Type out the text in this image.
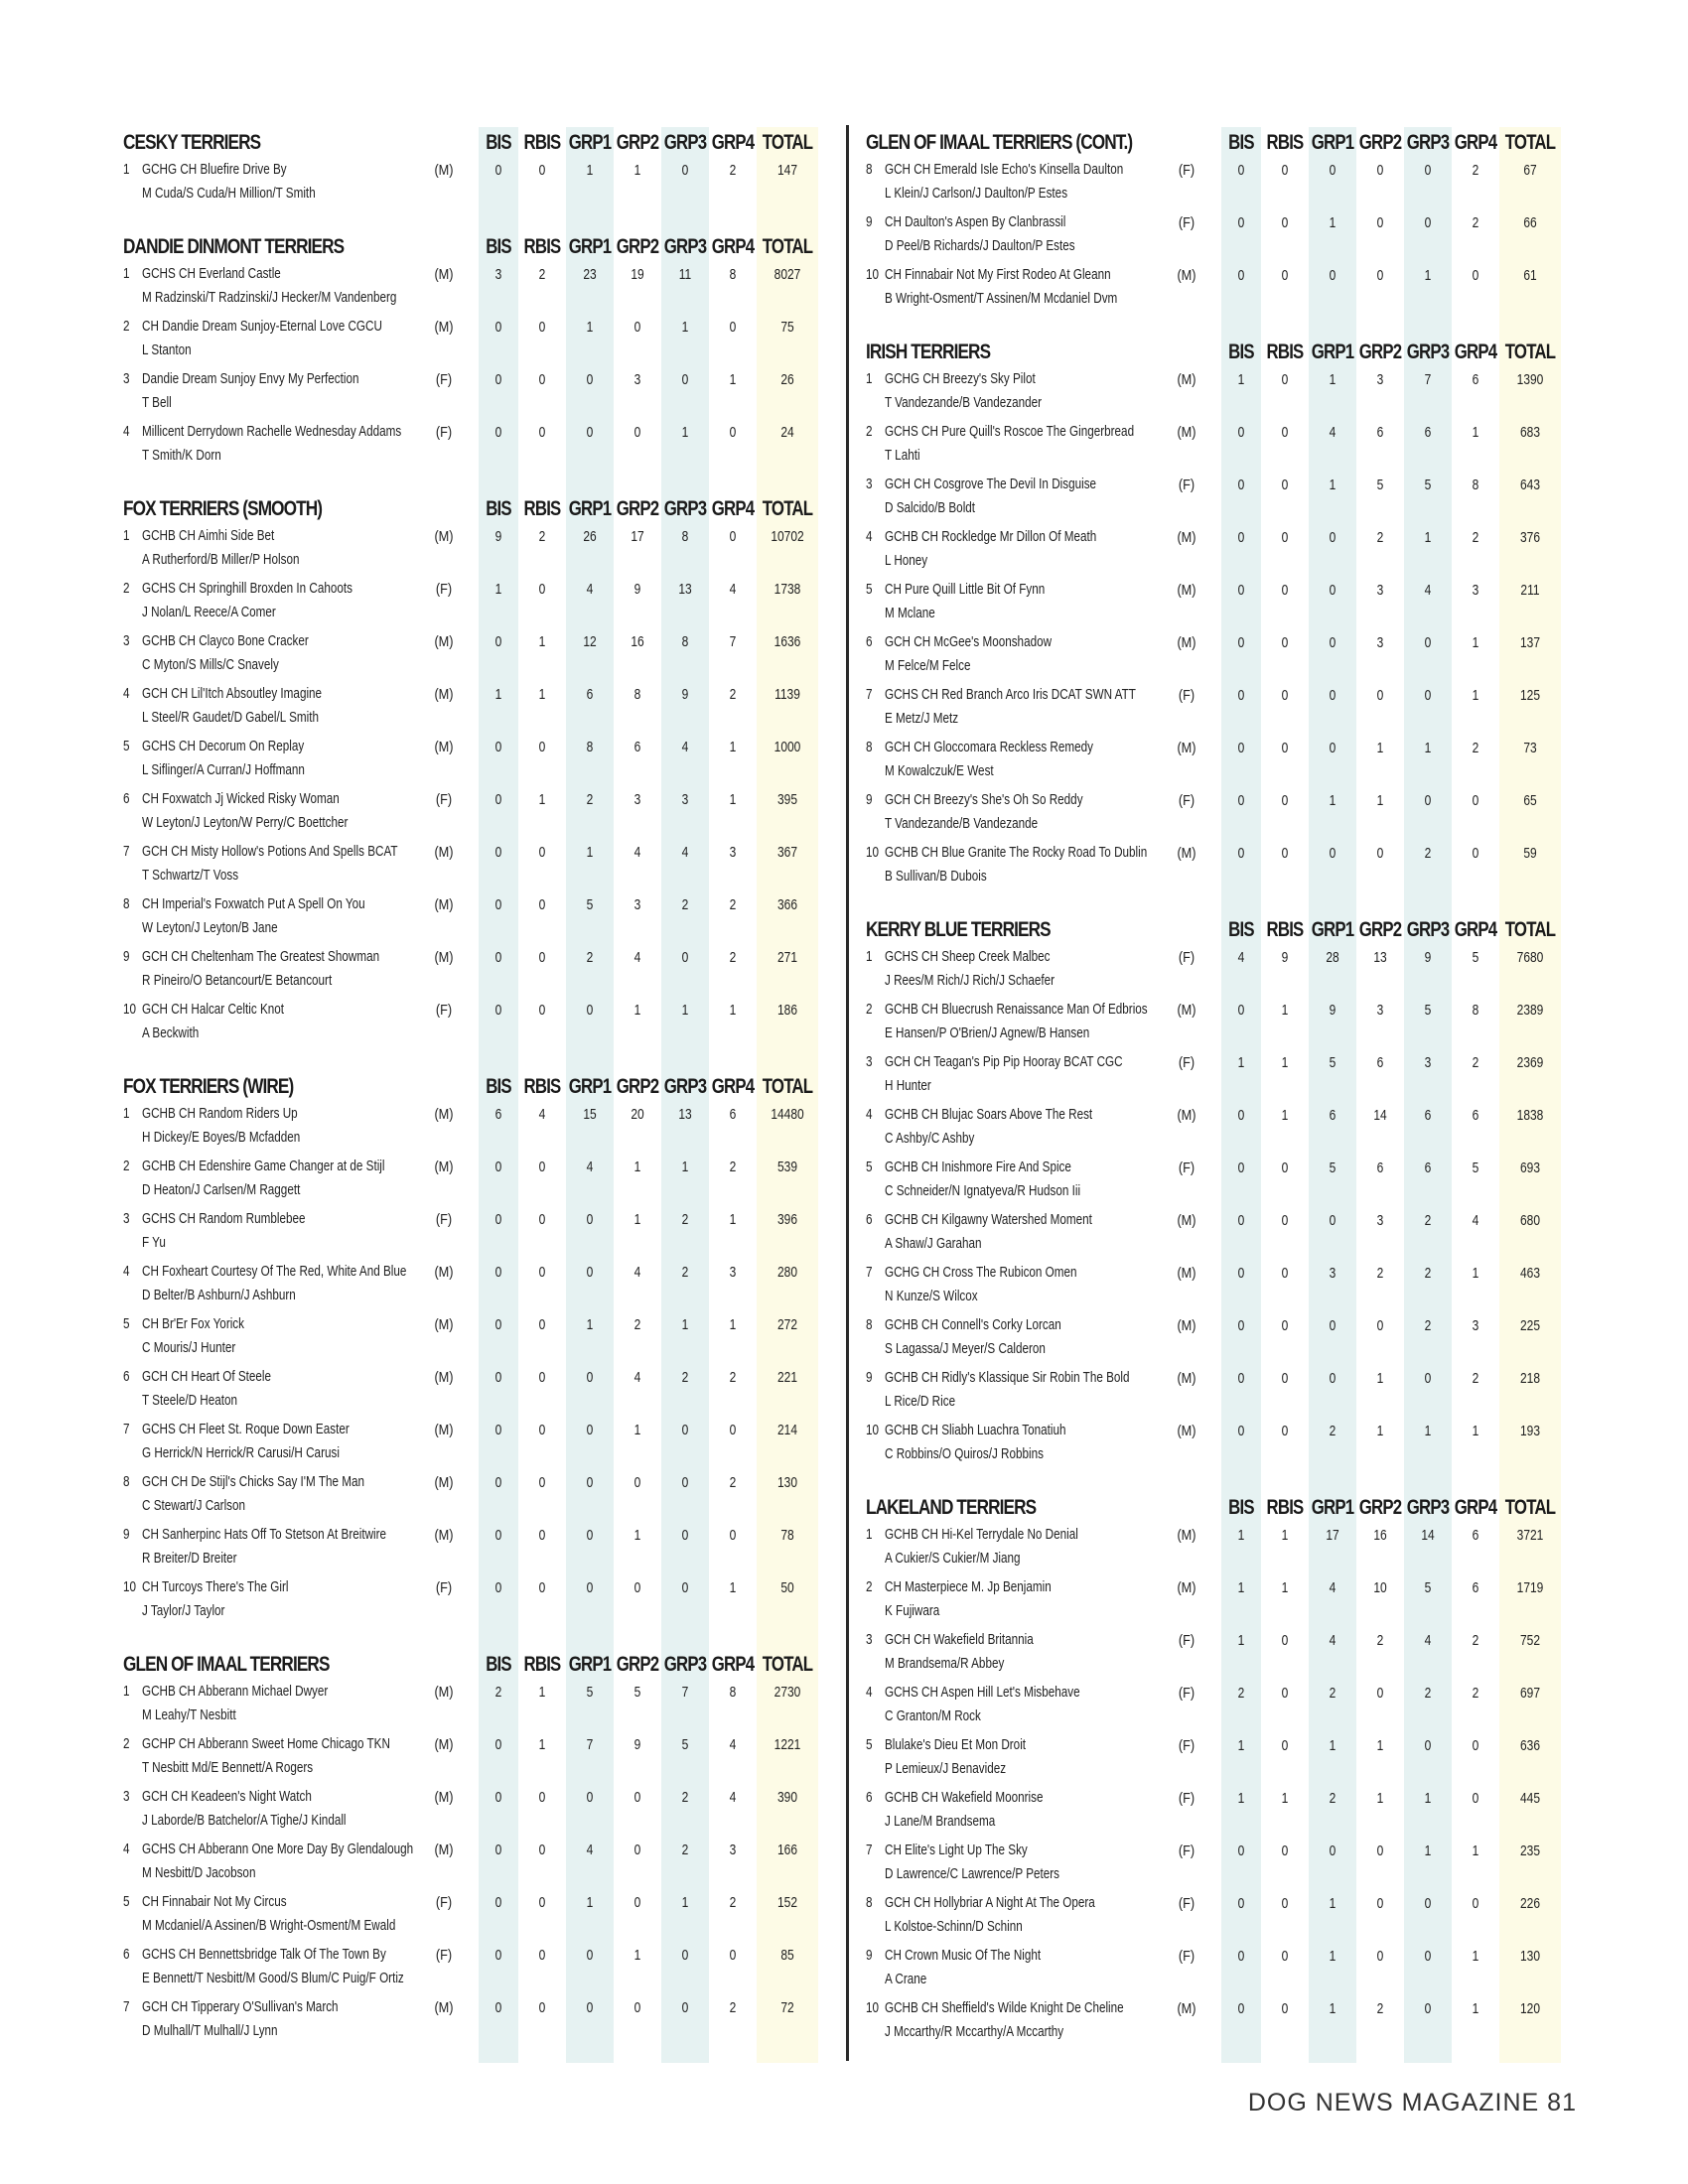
CESKY TERRIERS	BIS RBIS GRP1 GRP2 GRP3 GRP4 TOTAL
1 GCHG CH Bluefire Drive By
M Cuda/S Cuda/H Million/T Smith
(M)	0	0	1	1	0	2	147
DANDIE DINMONT TERRIERS	BIS RBIS GRP1 GRP2 GRP3 GRP4 TOTAL
1 GCHS CH Everland Castle
M Radzinski/T Radzinski/J Hecker/M Vandenberg
(M)	3	2	23	19	11	8	8027
2 CH Dandie Dream Sunjoy-Eternal Love CGCU
L Stanton
(M)	0	0	1	0	1	0	75
3 Dandie Dream Sunjoy Envy My Perfection
T Bell
(F)	0	0	0	3	0	1	26
4 Millicent Derrydown Rachelle Wednesday Addams
T Smith/K Dorn
(F)	0	0	0	0	1	0	24
FOX TERRIERS (SMOOTH)	BIS RBIS GRP1 GRP2 GRP3 GRP4 TOTAL
1 GCHB CH Aimhi Side Bet
A Rutherford/B Miller/P Holson
(M)	9	2	26	17	8	0	10702
2 GCHS CH Springhill Broxden In Cahoots
J Nolan/L Reece/A Comer
(F)	1	0	4	9	13	4	1738
3 GCHB CH Clayco Bone Cracker
C Myton/S Mills/C Snavely
(M)	0	1	12	16	8	7	1636
4 GCH CH Lil'Itch Absoutley Imagine
L Steel/R Gaudet/D Gabel/L Smith
(M)	1	1	6	8	9	2	1139
5 GCHS CH Decorum On Replay
L Siflinger/A Curran/J Hoffmann
(M)	0	0	8	6	4	1	1000
6 CH Foxwatch Jj Wicked Risky Woman
W Leyton/J Leyton/W Perry/C Boettcher
(F)	0	1	2	3	3	1	395
7 GCH CH Misty Hollow's Potions And Spells BCAT
T Schwartz/T Voss
(M)	0	0	1	4	4	3	367
8 CH Imperial's Foxwatch Put A Spell On You
W Leyton/J Leyton/B Jane
(M)	0	0	5	3	2	2	366
9 GCH CH Cheltenham The Greatest Showman
R Pineiro/O Betancourt/E Betancourt
(M)	0	0	2	4	0	2	271
10 GCH CH Halcar Celtic Knot
A Beckwith
(F)	0	0	0	1	1	1	186
FOX TERRIERS (WIRE)	BIS RBIS GRP1 GRP2 GRP3 GRP4 TOTAL
1 GCHB CH Random Riders Up
H Dickey/E Boyes/B Mcfadden
(M)	6	4	15	20	13	6	14480
2 GCHB CH Edenshire Game Changer at de Stijl
D Heaton/J Carlsen/M Raggett
(M)	0	0	4	1	1	2	539
3 GCHS CH Random Rumblebee
F Yu
(F)	0	0	0	1	2	1	396
4 CH Foxheart Courtesy Of The Red, White And Blue
D Belter/B Ashburn/J Ashburn
(M)	0	0	0	4	2	3	280
5 CH Br'Er Fox Yorick
C Mouris/J Hunter
(M)	0	0	1	2	1	1	272
6 GCH CH Heart Of Steele
T Steele/D Heaton
(M)	0	0	0	4	2	2	221
7 GCHS CH Fleet St. Roque Down Easter
G Herrick/N Herrick/R Carusi/H Carusi
(M)	0	0	0	1	0	0	214
8 GCH CH De Stijl's Chicks Say I'M The Man
C Stewart/J Carlson
(M)	0	0	0	0	0	2	130
9 CH Sanherpinc Hats Off To Stetson At Breitwire
R Breiter/D Breiter
(M)	0	0	0	1	0	0	78
10 CH Turcoys There's The Girl
J Taylor/J Taylor
(F)	0	0	0	0	0	1	50
GLEN OF IMAAL TERRIERS	BIS RBIS GRP1 GRP2 GRP3 GRP4 TOTAL
1 GCHB CH Abberann Michael Dwyer
M Leahy/T Nesbitt
(M)	2	1	5	5	7	8	2730
2 GCHP CH Abberann Sweet Home Chicago TKN
T Nesbitt Md/E Bennett/A Rogers
(M)	0	1	7	9	5	4	1221
3 GCH CH Keadeen's Night Watch
J Laborde/B Batchelor/A Tighe/J Kindall
(M)	0	0	0	0	2	4	390
4 GCHS CH Abberann One More Day By Glendalough
M Nesbitt/D Jacobson
(M)	0	0	4	0	2	3	166
5 CH Finnabair Not My Circus
M Mcdaniel/A Assinen/B Wright-Osment/M Ewald
(F)	0	0	1	0	1	2	152
6 GCHS CH Bennettsbridge Talk Of The Town By
E Bennett/T Nesbitt/M Good/S Blum/C Puig/F Ortiz
(F)	0	0	0	1	0	0	85
7 GCH CH Tipperary O'Sullivan's March
D Mulhall/T Mulhall/J Lynn
(M)	0	0	0	0	0	2	72
GLEN OF IMAAL TERRIERS (CONT.)	BIS RBIS GRP1 GRP2 GRP3 GRP4 TOTAL
8 GCH CH Emerald Isle Echo's Kinsella Daulton
L Klein/J Carlson/J Daulton/P Estes
(F)	0	0	0	0	0	2	67
9 CH Daulton's Aspen By Clanbrassil
D Peel/B Richards/J Daulton/P Estes
(F)	0	0	1	0	0	2	66
10 CH Finnabair Not My First Rodeo At Gleann
B Wright-Osment/T Assinen/M Mcdaniel Dvm
(M)	0	0	0	0	1	0	61
IRISH TERRIERS	BIS RBIS GRP1 GRP2 GRP3 GRP4 TOTAL
1 GCHG CH Breezy's Sky Pilot
T Vandezande/B Vandezander
(M)	1	0	1	3	7	6	1390
2 GCHS CH Pure Quill's Roscoe The Gingerbread
T Lahti
(M)	0	0	4	6	6	1	683
3 GCH CH Cosgrove The Devil In Disguise
D Salcido/B Boldt
(F)	0	0	1	5	5	8	643
4 GCHB CH Rockledge Mr Dillon Of Meath
L Honey
(M)	0	0	0	2	1	2	376
5 CH Pure Quill Little Bit Of Fynn
M Mclane
(M)	0	0	0	3	4	3	211
6 GCH CH McGee's Moonshadow
M Felce/M Felce
(M)	0	0	0	3	0	1	137
7 GCHS CH Red Branch Arco Iris DCAT SWN ATT
E Metz/J Metz
(F)	0	0	0	0	0	1	125
8 GCH CH Gloccomara Reckless Remedy
M Kowalczuk/E West
(M)	0	0	0	1	1	2	73
9 GCH CH Breezy's She's Oh So Reddy
T Vandezande/B Vandezande
(F)	0	0	1	1	0	0	65
10 GCHB CH Blue Granite The Rocky Road To Dublin
B Sullivan/B Dubois
(M)	0	0	0	0	2	0	59
KERRY BLUE TERRIERS	BIS RBIS GRP1 GRP2 GRP3 GRP4 TOTAL
1 GCHS CH Sheep Creek Malbec
J Rees/M Rich/J Rich/J Schaefer
(F)	4	9	28	13	9	5	7680
2 GCHB CH Bluecrush Renaissance Man Of Edbrios
E Hansen/P O'Brien/J Agnew/B Hansen
(M)	0	1	9	3	5	8	2389
3 GCH CH Teagan's Pip Pip Hooray BCAT CGC
H Hunter
(F)	1	1	5	6	3	2	2369
4 GCHB CH Blujac Soars Above The Rest
C Ashby/C Ashby
(M)	0	1	6	14	6	6	1838
5 GCHB CH Inishmore Fire And Spice
C Schneider/N Ignatyeva/R Hudson Iii
(F)	0	0	5	6	6	5	693
6 GCHB CH Kilgawny Watershed Moment
A Shaw/J Garahan
(M)	0	0	0	3	2	4	680
7 GCHG CH Cross The Rubicon Omen
N Kunze/S Wilcox
(M)	0	0	3	2	2	1	463
8 GCHB CH Connell's Corky Lorcan
S Lagassa/J Meyer/S Calderon
(M)	0	0	0	0	2	3	225
9 GCHB CH Ridly's Klassique Sir Robin The Bold
L Rice/D Rice
(M)	0	0	0	1	0	2	218
10 GCHB CH Sliabh Luachra Tonatiuh
C Robbins/O Quiros/J Robbins
(M)	0	0	2	1	1	1	193
LAKELAND TERRIERS	BIS RBIS GRP1 GRP2 GRP3 GRP4 TOTAL
1 GCHB CH Hi-Kel Terrydale No Denial
A Cukier/S Cukier/M Jiang
(M)	1	1	17	16	14	6	3721
2 CH Masterpiece M. Jp Benjamin
K Fujiwara
(M)	1	1	4	10	5	6	1719
3 GCH CH Wakefield Britannia
M Brandsema/R Abbey
(F)	1	0	4	2	4	2	752
4 GCHS CH Aspen Hill Let's Misbehave
C Granton/M Rock
(F)	2	0	2	0	2	2	697
5 Blulake's Dieu Et Mon Droit
P Lemieux/J Benavidez
(F)	1	0	1	1	0	0	636
6 GCHB CH Wakefield Moonrise
J Lane/M Brandsema
(F)	1	1	2	1	1	0	445
7 CH Elite's Light Up The Sky
D Lawrence/C Lawrence/P Peters
(F)	0	0	0	0	1	1	235
8 GCH CH Hollybriar A Night At The Opera
L Kolstoe-Schinn/D Schinn
(F)	0	0	1	0	0	0	226
9 CH Crown Music Of The Night
A Crane
(F)	0	0	1	0	0	1	130
10 GCHB CH Sheffield's Wilde Knight De Cheline
J Mccarthy/R Mccarthy/A Mccarthy
(M)	0	0	1	2	0	1	120
DOG NEWS MAGAZINE 81
